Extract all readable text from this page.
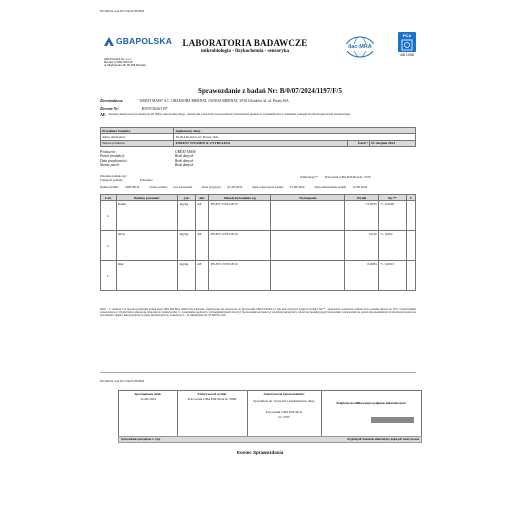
PG-14/F.01, wyd.03 z dnia 07.08.2024
GBAPOLSKA
GBA POLSKA Sp. z o.o.
Member of GBA GROUP
ul. Międzyleska 4E, 50-568 Wrocław
LABORATORIA BADAWCZE
mikrobiologia - fizykochemia - sensoryka
ilac-MRA
PCA
AB 1008
Sprawozdanie z badań Nr: B/0/07/2024/1197/F/5
Zleceniodawca:	"GREAT MASS" S.C. GRZEGORZ BIERNAT, JANUSZ BIERNAT; 30-814 Kraków, ul. ul. Prosta 16A
Zlecenie Nr:	B/0/07/2024/1197
AE metodyka akredytowana (nr akredytacji AB 1008) z zakresu elastycznego - referencyjna z dwóch lub więcej możliwości (oświadczenie zgodność ze wszystkimi treści w rozumieniu wymagań dla referencyjnej metody akredytowanej)
Przedmiot badania:	Suplementy diety		
Adres odebrania:	30-814 Kraków, ul. Prosta 16A		
Nazwa produktu:	FOREST VITAMIN & CYTRULINA	Data*:	01 sierpnia 2024
Producent:	GREAT MASS
Partia produkcji:	Brak danych
Data przydatności:	Brak danych
Numer partii:	Brak danych
Pobranie próbek wg:
Transport próbek:	Przesyłka
Odbierający*: Pracownik GBA POLSKA nr: 2729
Numer próbki: 3385/08/24	Ocena próbki: bez zastrzeżeń	Data przyjęcia: 01-08-2024	Data rozpoczęcia badań: 01-08-2024	Data zakończenia badań: 12-08-2024
Lab.	Badany parametr	j.m.	Akr.	Metodyka badania wg	Wymagania	Wynik	Np.**	S
L	Kadm	mg/kg	AE	PN-EN 15763:2010		< 0,0035	+/- 0,0005	
L	Ołów	mg/kg	AE	PN-EN 15763:2010		0,010	+/- 0,002	
L	Rtęć	mg/kg	AE	PN-EN 15763:2010		0,0084	+/- 0,0013	
Data* - w zależności od sposobu pozyskania próbek przez GBA POLSKA próbki były pobierane, przyjmowane lub dostarczone do laboratorium GBA POLSKA (w tym dane dotyczące przyjęcia próbek). Np.** - niepewność rozszerzona pomiaru przy poziomie ufności ok. 95% i współczynniku rozszerzenia k=2. Wyniki badań odnoszą się wyłącznie do badanej próbki. S - stwierdzenie zgodności z wymaganiami (jeżeli dotyczy). Sprawozdanie nie może być powielane inaczej niż w całości bez pisemnej zgody laboratorium. Laboratorium nie ponosi odpowiedzialności za informacje dostarczone przez klienta. Opinie i interpretacje nie są objęte akredytacją PCA. Lokalizacje: L - ul. Międzyleska 4E, 50-568 Wrocław.
PG-14/F.01, wyd.03 z dnia 07.08.2024
Sporządzono dnia:
12-08-2024
Autoryzował wynik:
Pracownik GBA POLSKA nr: 2686
Autoryzował Sprawozdanie:
Specjalista ds. Jywności i suplementów diety
Pracownik GBA POLSKA
nr: 2765
Podpisano kwalifikowanym podpisem elektronicznym
Sprawozdanie sporządzono w 1 egz.	Oryginał pdf. Dokument elektroniczny, kopia pdf. Autoryzowana
Koniec Sprawozdania
